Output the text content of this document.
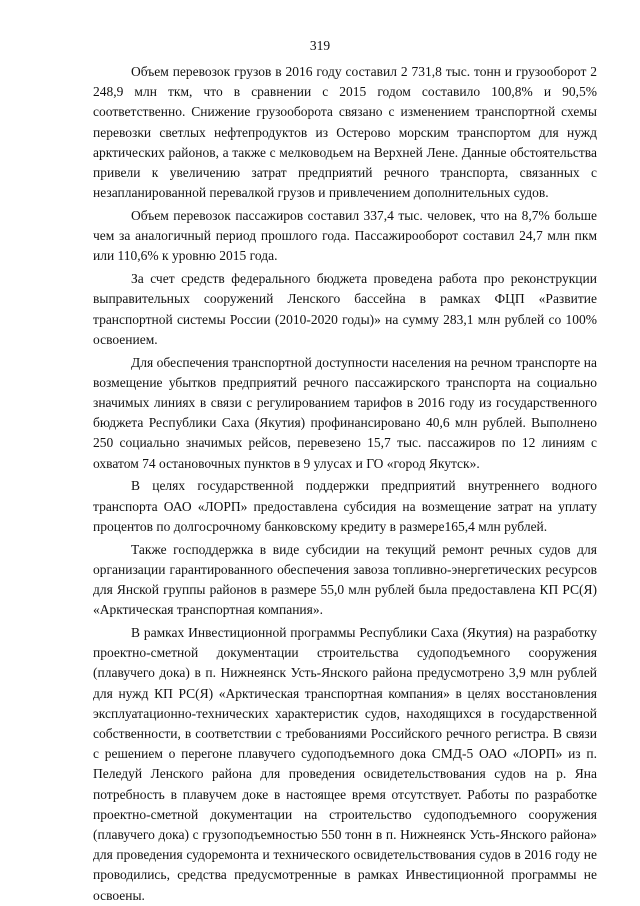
319

Объем перевозок грузов в 2016 году составил 2 731,8 тыс. тонн и грузооборот 2 248,9 млн ткм, что в сравнении с 2015 годом составило 100,8% и 90,5% соответственно. Снижение грузооборота связано с изменением транспортной схемы перевозки светлых нефтепродуктов из Остерово морским транспортом для нужд арктических районов, а также с мелководьем на Верхней Лене. Данные обстоятельства привели к увеличению затрат предприятий речного транспорта, связанных с незапланированной перевалкой грузов и привлечением дополнительных судов.

Объем перевозок пассажиров составил 337,4 тыс. человек, что на 8,7% больше чем за аналогичный период прошлого года. Пассажирооборот составил 24,7 млн пкм или 110,6% к уровню 2015 года.

За счет средств федерального бюджета проведена работа про реконструкции выправительных сооружений Ленского бассейна в рамках ФЦП «Развитие транспортной системы России (2010-2020 годы)» на сумму 283,1 млн рублей со 100% освоением.

Для обеспечения транспортной доступности населения на речном транспорте на возмещение убытков предприятий речного пассажирского транспорта на социально значимых линиях в связи с регулированием тарифов в 2016 году из государственного бюджета Республики Саха (Якутия) профинансировано 40,6 млн рублей. Выполнено 250 социально значимых рейсов, перевезено 15,7 тыс. пассажиров по 12 линиям с охватом 74 остановочных пунктов в 9 улусах и ГО «город Якутск».

В целях государственной поддержки предприятий внутреннего водного транспорта ОАО «ЛОРП» предоставлена субсидия на возмещение затрат на уплату процентов по долгосрочному банковскому кредиту в размере165,4 млн рублей.

Также господдержка в виде субсидии на текущий ремонт речных судов для организации гарантированного обеспечения завоза топливно-энергетических ресурсов для Янской группы районов в размере 55,0 млн рублей была предоставлена КП РС(Я) «Арктическая транспортная компания».

В рамках Инвестиционной программы Республики Саха (Якутия) на разработку проектно-сметной документации строительства судоподъемного сооружения (плавучего дока) в п. Нижнеянск Усть-Янского района предусмотрено 3,9 млн рублей для нужд КП РС(Я) «Арктическая транспортная компания» в целях восстановления эксплуатационно-технических характеристик судов, находящихся в государственной собственности, в соответствии с требованиями Российского речного регистра. В связи с решением о перегоне плавучего судоподъемного дока СМД-5 ОАО «ЛОРП» из п. Пеледуй Ленского района для проведения освидетельствования судов на р. Яна потребность в плавучем доке в настоящее время отсутствует. Работы по разработке проектно-сметной документации на строительство судоподъемного сооружения (плавучего дока) с грузоподъемностью 550 тонн в п. Нижнеянск Усть-Янского района» для проведения судоремонта и технического освидетельствования судов в 2016 году не проводились, средства предусмотренные в рамках Инвестиционной программы не освоены.
